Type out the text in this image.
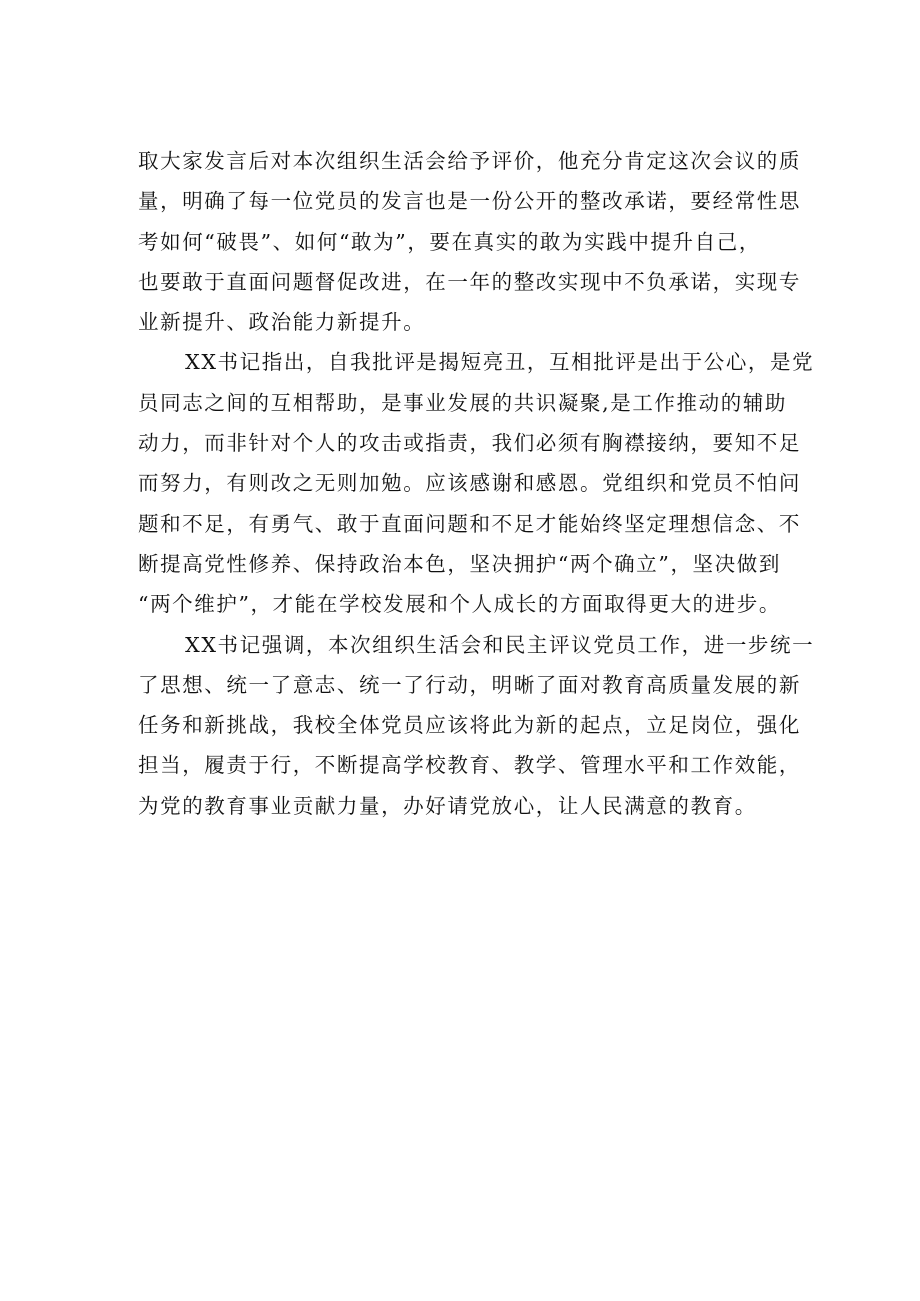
取大家发言后对本次组织生活会给予评价，他充分肯定这次会议的质
量，明确了每一位党员的发言也是一份公开的整改承诺，要经常性思
考如何“破畏”、如何“敢为”，要在真实的敢为实践中提升自己，
也要敢于直面问题督促改进，在一年的整改实现中不负承诺，实现专
业新提升、政治能力新提升。

XX书记指出，自我批评是揭短亮丑，互相批评是出于公心，是党
员同志之间的互相帮助，是事业发展的共识凝聚,是工作推动的辅助
动力，而非针对个人的攻击或指责，我们必须有胸襟接纳，要知不足
而努力，有则改之无则加勉。应该感谢和感恩。党组织和党员不怕问
题和不足，有勇气、敢于直面问题和不足才能始终坚定理想信念、不
断提高党性修养、保持政治本色，坚决拥护“两个确立”，坚决做到
“两个维护”，才能在学校发展和个人成长的方面取得更大的进步。

XX书记强调，本次组织生活会和民主评议党员工作，进一步统一
了思想、统一了意志、统一了行动，明晰了面对教育高质量发展的新
任务和新挑战，我校全体党员应该将此为新的起点，立足岗位，强化
担当，履责于行，不断提高学校教育、教学、管理水平和工作效能，
为党的教育事业贡献力量，办好请党放心，让人民满意的教育。
